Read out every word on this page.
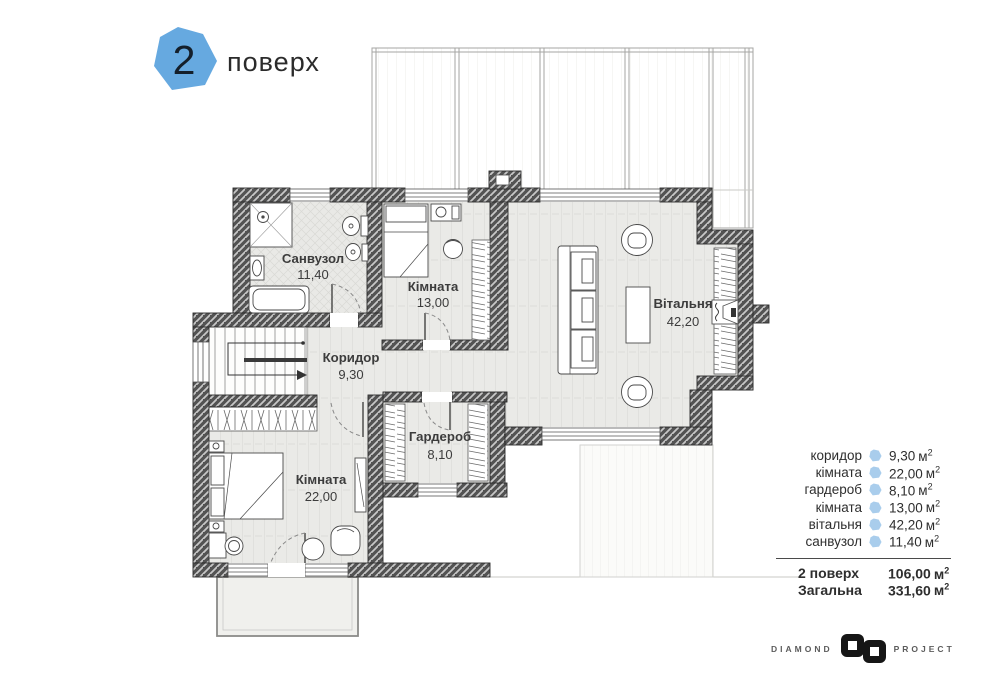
2 поверх
Санвузол
11,40
Кімната
13,00	Вітальня
42,20
Коридор
9,30
Гардероб
8,10
Кімната
22,00
коридор 9,30 $м^2$
кімната 22,00 $м^2$
гардероб 8,10 $м^2$
кімната 13,00 $м^2$
вітальня 42,20 $м^2$
санвузол 11,40 $м^2$
2 поверх 106,00 $м^2$
Загальна 331,60 $м^2$
DIAMOND	PROJECT
